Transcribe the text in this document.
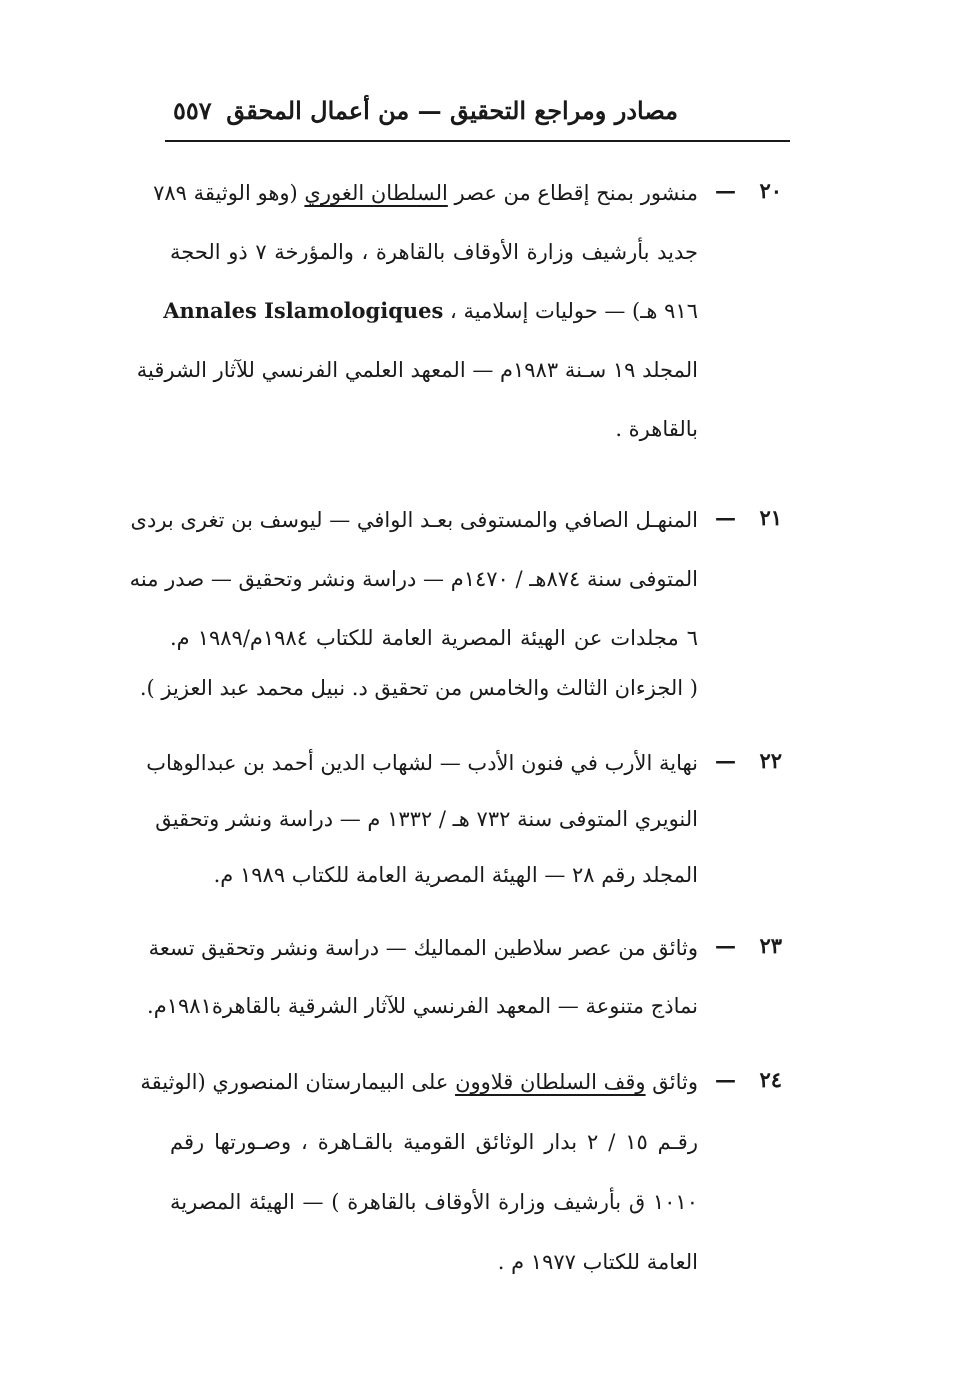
مصادر ومراجع التحقيق — من أعمال المحقق
٥٥٧
٢٠
—
منشور بمنح إقطاع من عصر السلطان الغوري (وهو الوثيقة ٧٨٩
جديد بأرشيف وزارة الأوقاف بالقاهرة ، والمؤرخة ٧ ذو الحجة
٩١٦ هـ) — حوليات إسلامية ، Annales Islamologiques
المجلد ١٩ سـنة ١٩٨٣م — المعهد العلمي الفرنسي للآثار الشرقية
بالقاهرة .
٢١
—
المنهـل الصافي والمستوفى بعـد الوافي — ليوسف بن تغرى بردى
المتوفى سنة ٨٧٤هـ / ١٤٧٠م — دراسة ونشر وتحقيق — صدر منه
٦ مجلدات عن الهيئة المصرية العامة للكتاب ١٩٨٤م/١٩٨٩ م.
( الجزءان الثالث والخامس من تحقيق د. نبيل محمد عبد العزيز ).
٢٢
—
نهاية الأرب في فنون الأدب — لشهاب الدين أحمد بن عبدالوهاب
النويري المتوفى سنة ٧٣٢ هـ / ١٣٣٢ م — دراسة ونشر وتحقيق
المجلد رقم ٢٨ — الهيئة المصرية العامة للكتاب ١٩٨٩ م.
٢٣
—
وثائق من عصر سلاطين المماليك — دراسة ونشر وتحقيق تسعة
نماذج متنوعة — المعهد الفرنسي للآثار الشرقية بالقاهرة١٩٨١م.
٢٤
—
وثائق وقف السلطان قلاوون على البيمارستان المنصوري (الوثيقة
رقـم ١٥ / ٢ بدار الوثائق القومية بالقـاهرة ، وصـورتها رقم
١٠١٠ ق بأرشيف وزارة الأوقاف بالقاهرة ) — الهيئة المصرية
العامة للكتاب ١٩٧٧ م .
